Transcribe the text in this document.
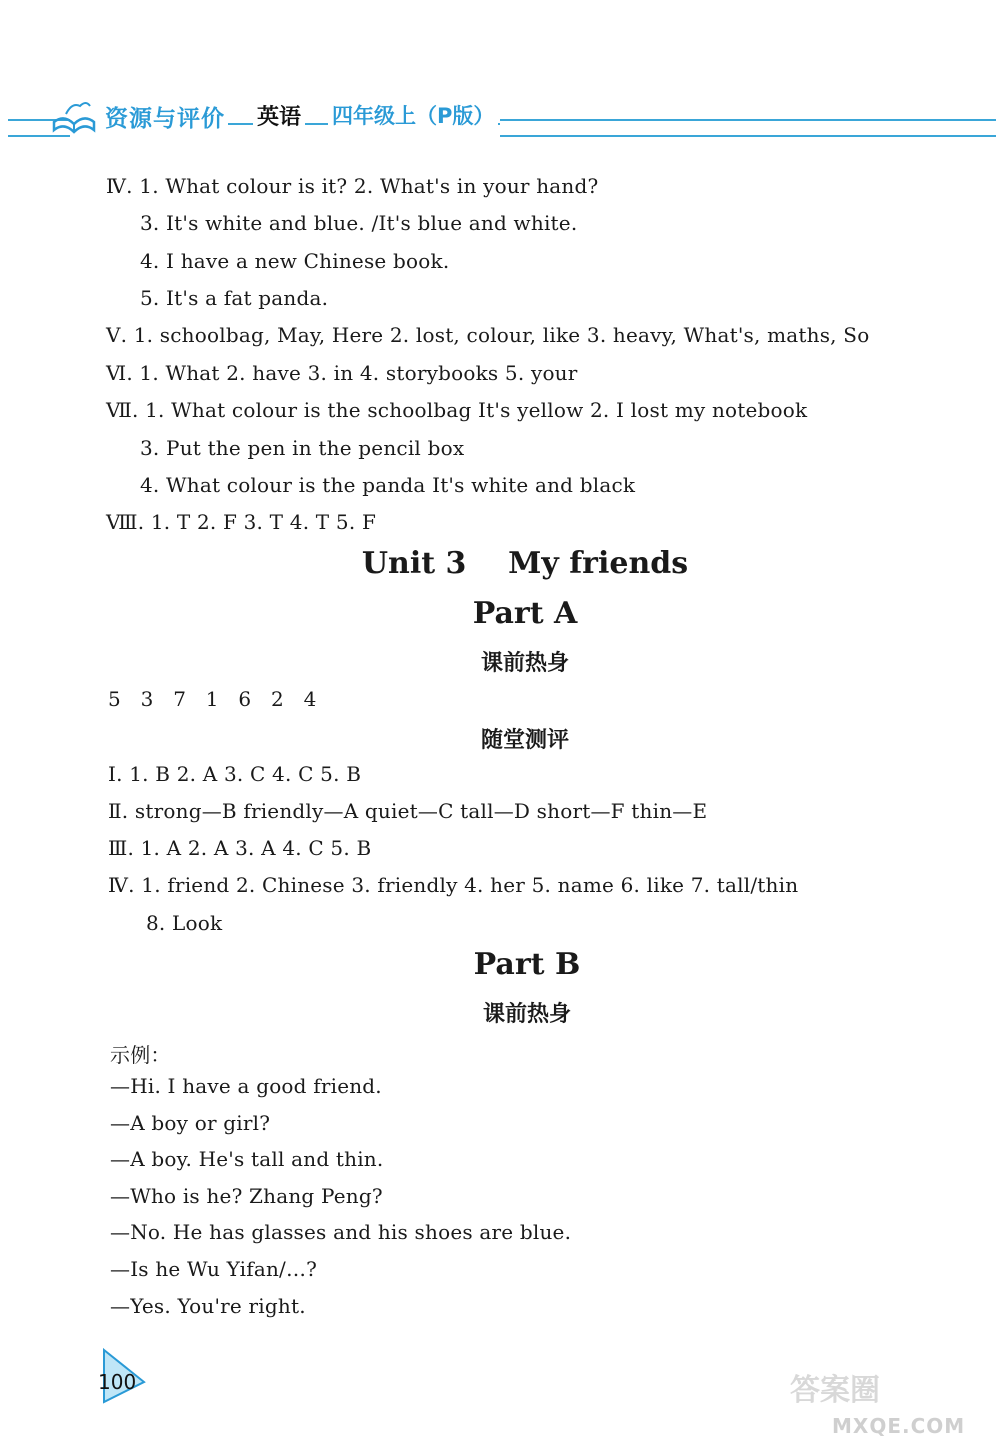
资源与评价 英语 四年级上（P版）
Ⅳ. 1. What colour is it? 2. What's in your hand?
3. It's white and blue. /It's blue and white.
4. I have a new Chinese book.
5. It's a fat panda.
Ⅴ. 1. schoolbag, May, Here 2. lost, colour, like 3. heavy, What's, maths, So
Ⅵ. 1. What 2. have 3. in 4. storybooks 5. your
Ⅶ. 1. What colour is the schoolbag It's yellow 2. I lost my notebook
3. Put the pen in the pencil box
4. What colour is the panda It's white and black
Ⅷ. 1. T 2. F 3. T 4. T 5. F
Unit 3    My friends
Part A
课前热身
5   3   7   1   6   2   4
随堂测评
Ⅰ. 1. B 2. A 3. C 4. C 5. B
Ⅱ. strong—B friendly—A quiet—C tall—D short—F thin—E
Ⅲ. 1. A 2. A 3. A 4. C 5. B
Ⅳ. 1. friend 2. Chinese 3. friendly 4. her 5. name 6. like 7. tall/thin
8. Look
Part B
课前热身
示例：
—Hi. I have a good friend.
—A boy or girl?
—A boy. He's tall and thin.
—Who is he? Zhang Peng?
—No. He has glasses and his shoes are blue.
—Is he Wu Yifan/…?
—Yes. You're right.
100	答案圈
MXQE.COM
